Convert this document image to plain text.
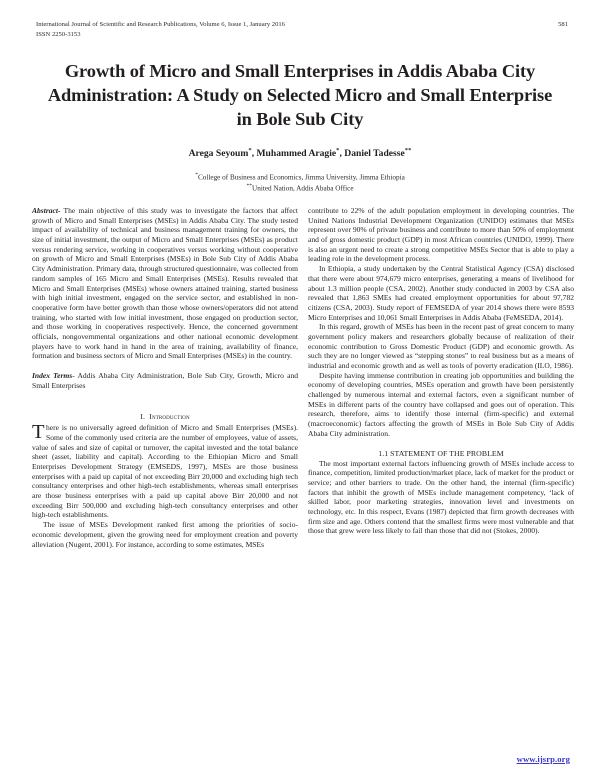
International Journal of Scientific and Research Publications, Volume 6, Issue 1, January 2016
ISSN 2250-3153
581
Growth of Micro and Small Enterprises in Addis Ababa City Administration: A Study on Selected Micro and Small Enterprise in Bole Sub City
Arega Seyoum*, Muhammed Aragie*, Daniel Tadesse**
*College of Business and Economics, Jimma University, Jimma Ethiopia
**United Nation, Addis Ababa Office

Abstract- The main objective of this study was to investigate the factors that affect growth of Micro and Small Enterprises (MSEs) in Addis Ababa City. The study tested impact of availability of technical and business management training for owners, the size of initial investment, the output of Micro and Small Enterprises (MSEs) as product versus rendering service, working in cooperatives versus working without cooperative on growth of Micro and Small Enterprises (MSEs) in Bole Sub City of Addis Ababa City Administration. Primary data, through structured questionnaire, was collected from random samples of 165 Micro and Small Enterprises (MSEs). Results revealed that Micro and Small Enterprises (MSEs) whose owners attained training, started business with high initial investment, engaged on the service sector, and established in non-cooperative form have better growth than those whose owners/operators did not attend training, who started with low initial investment, those engaged on production sector, and those working in cooperatives respectively. Hence, the concerned government officials, nongovernmental organizations and other national economic development players have to work hand in hand in the area of training, availability of finance, formation and business sectors of Micro and Small Enterprises (MSEs) in the country.

Index Terms- Addis Ababa City Administration, Bole Sub City, Growth, Micro and Small Enterprises

I. Introduction

There is no universally agreed definition of Micro and Small Enterprises (MSEs). Some of the commonly used criteria are the number of employees, value of assets, value of sales and size of capital or turnover, the capital invested and the total balance sheet (asset, liability and capital). According to the Ethiopian Micro and Small Enterprises Development Strategy (EMSEDS, 1997), MSEs are those business enterprises with a paid up capital of not exceeding Birr 20,000 and excluding high tech consultancy enterprises and other high-tech establishments, whereas small enterprises are those business enterprises with a paid up capital above Birr 20,000 and not exceeding Birr 500,000 and excluding high-tech consultancy enterprises and other high-tech establishments.

The issue of MSEs Development ranked first among the priorities of socio-economic development, given the growing need for employment creation and poverty alleviation (Nugent, 2001). For instance, according to some estimates, MSEs

contribute to 22% of the adult population employment in developing countries. The United Nations Industrial Development Organization (UNIDO) estimates that MSEs represent over 90% of private business and contribute to more than 50% of employment and of gross domestic product (GDP) in most African countries (UNIDO, 1999). There is also an urgent need to create a strong competitive MSEs Sector that is able to play a leading role in the development process.

In Ethiopia, a study undertaken by the Central Statistical Agency (CSA) disclosed that there were about 974,679 micro enterprises, generating a means of livelihood for about 1.3 million people (CSA, 2002). Another study conducted in 2003 by CSA also revealed that 1,863 SMEs had created employment opportunities for about 97,782 citizens (CSA, 2003). Study report of FEMSEDA of year 2014 shows there were 8593 Micro Enterprises and 10,061 Small Enterprises in Addis Ababa (FeMSEDA, 2014).

In this regard, growth of MSEs has been in the recent past of great concern to many government policy makers and researchers globally because of realization of their economic contribution to Gross Domestic Product (GDP) and economic growth. As such they are no longer viewed as “stepping stones” to real business but as a means of industrial and economic growth and as well as tools of poverty eradication (ILO, 1986).

Despite having immense contribution in creating job opportunities and building the economy of developing countries, MSEs operation and growth have been persistently challenged by numerous internal and external factors, even a significant number of MSEs in different parts of the country have collapsed and goes out of operation. This research, therefore, aims to identify those internal (firm-specific) and external (macroeconomic) factors affecting the growth of MSEs in Bole Sub City of Addis Ababa City administration.

1.1 STATEMENT OF THE PROBLEM

The most important external factors influencing growth of MSEs include access to finance, competition, limited production/market place, lack of market for the product or service; and other barriers to trade. On the other hand, the internal (firm-specific) factors that inhibit the growth of MSEs include management competency, ‘lack of skilled labor, poor marketing strategies, innovation level and investments on technology, etc. In this respect, Evans (1987) depicted that firm growth decreases with firm size and age. Others contend that the smallest firms were most vulnerable and that those that grew were less likely to fail than those that did not (Stokes, 2000).

www.ijsrp.org
